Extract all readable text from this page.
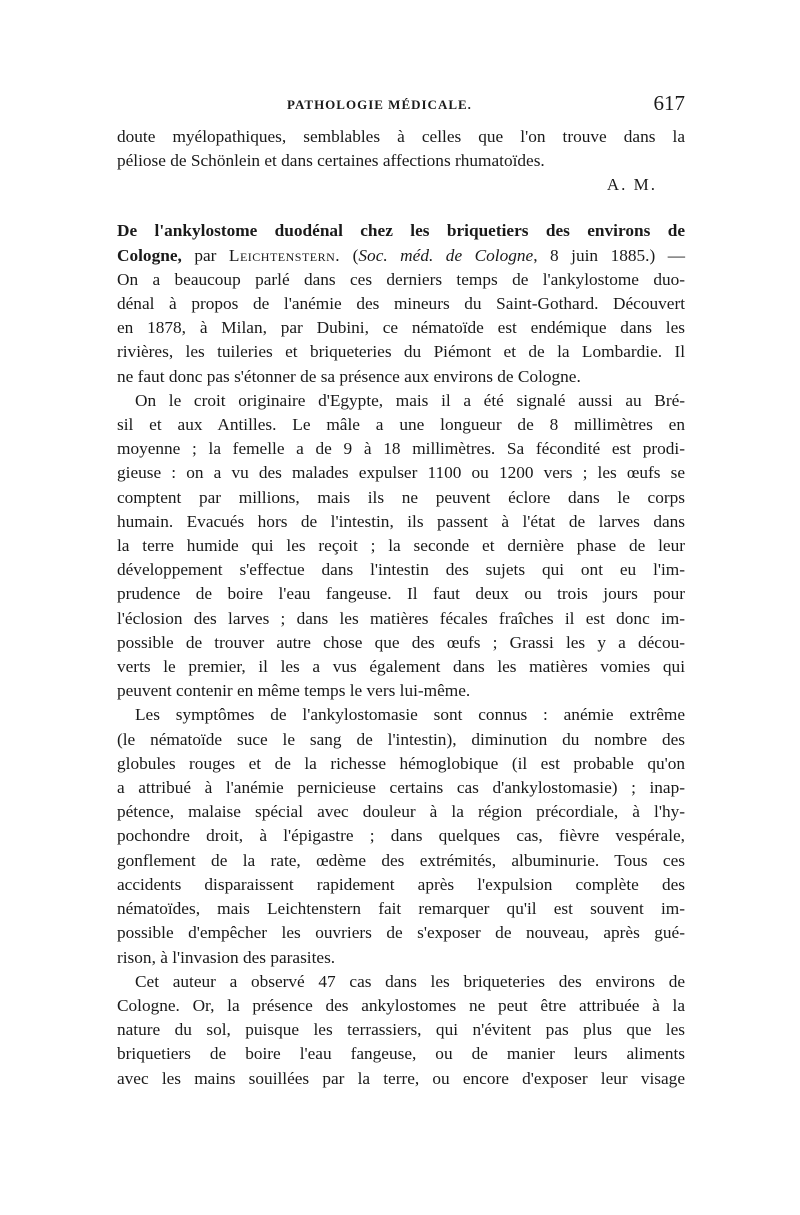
PATHOLOGIE MÉDICALE.	617
doute myélopathiques, semblables à celles que l'on trouve dans la
péliose de Schönlein et dans certaines affections rhumatoïdes.
A. M.
De l'ankylostome duodénal chez les briquetiers des environs de
Cologne, par Leichtenstern. (Soc. méd. de Cologne, 8 juin 1885.) —
On a beaucoup parlé dans ces derniers temps de l'ankylostome duo-
dénal à propos de l'anémie des mineurs du Saint-Gothard. Découvert
en 1878, à Milan, par Dubini, ce nématoïde est endémique dans les
rivières, les tuileries et briqueteries du Piémont et de la Lombardie. Il
ne faut donc pas s'étonner de sa présence aux environs de Cologne.
On le croit originaire d'Egypte, mais il a été signalé aussi au Bré-
sil et aux Antilles. Le mâle a une longueur de 8 millimètres en
moyenne ; la femelle a de 9 à 18 millimètres. Sa fécondité est prodi-
gieuse : on a vu des malades expulser 1100 ou 1200 vers ; les œufs se
comptent par millions, mais ils ne peuvent éclore dans le corps
humain. Evacués hors de l'intestin, ils passent à l'état de larves dans
la terre humide qui les reçoit ; la seconde et dernière phase de leur
développement s'effectue dans l'intestin des sujets qui ont eu l'im-
prudence de boire l'eau fangeuse. Il faut deux ou trois jours pour
l'éclosion des larves ; dans les matières fécales fraîches il est donc im-
possible de trouver autre chose que des œufs ; Grassi les y a décou-
verts le premier, il les a vus également dans les matières vomies qui
peuvent contenir en même temps le vers lui-même.
Les symptômes de l'ankylostomasie sont connus : anémie extrême
(le nématoïde suce le sang de l'intestin), diminution du nombre des
globules rouges et de la richesse hémoglobique (il est probable qu'on
a attribué à l'anémie pernicieuse certains cas d'ankylostomasie) ; inap-
pétence, malaise spécial avec douleur à la région précordiale, à l'hy-
pochondre droit, à l'épigastre ; dans quelques cas, fièvre vespérale,
gonflement de la rate, œdème des extrémités, albuminurie. Tous ces
accidents disparaissent rapidement après l'expulsion complète des
nématoïdes, mais Leichtenstern fait remarquer qu'il est souvent im-
possible d'empêcher les ouvriers de s'exposer de nouveau, après gué-
rison, à l'invasion des parasites.
Cet auteur a observé 47 cas dans les briqueteries des environs de
Cologne. Or, la présence des ankylostomes ne peut être attribuée à la
nature du sol, puisque les terrassiers, qui n'évitent pas plus que les
briquetiers de boire l'eau fangeuse, ou de manier leurs aliments
avec les mains souillées par la terre, ou encore d'exposer leur visage
